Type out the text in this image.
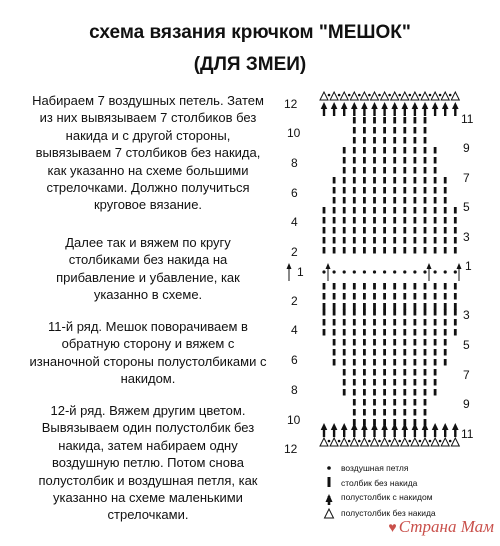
схема вязания крючком "МЕШОК"
(ДЛЯ ЗМЕИ)
Набираем 7 воздушных петель. Затем из них вывязываем 7 столбиков без накида и с другой стороны, вывязываем 7 столбиков без накида, как указанно на схеме большими стрелочками. Должно получиться круговое вязание.
Далее так и вяжем по кругу столбиками без накида на прибавление и убавление, как указанно в схеме.
11-й ряд. Мешок поворачиваем в обратную сторону и вяжем с изнаночной стороны полустолбиками с накидом.
12-й ряд. Вяжем другим цветом. Вывязываем один полустолбик без накида, затем набираем одну воздушную петлю. Потом снова полустолбик и воздушная петля, как указанно на схеме маленькими стрелочками.
12
10
8
6
4
2
1
11
9
7
5
3
1
2
4
6
8
10
12
3
5
7
9
11
воздушная петля
столбик без накида
полустолбик с накидом
полустолбик без накида
♥ Страна Мам
